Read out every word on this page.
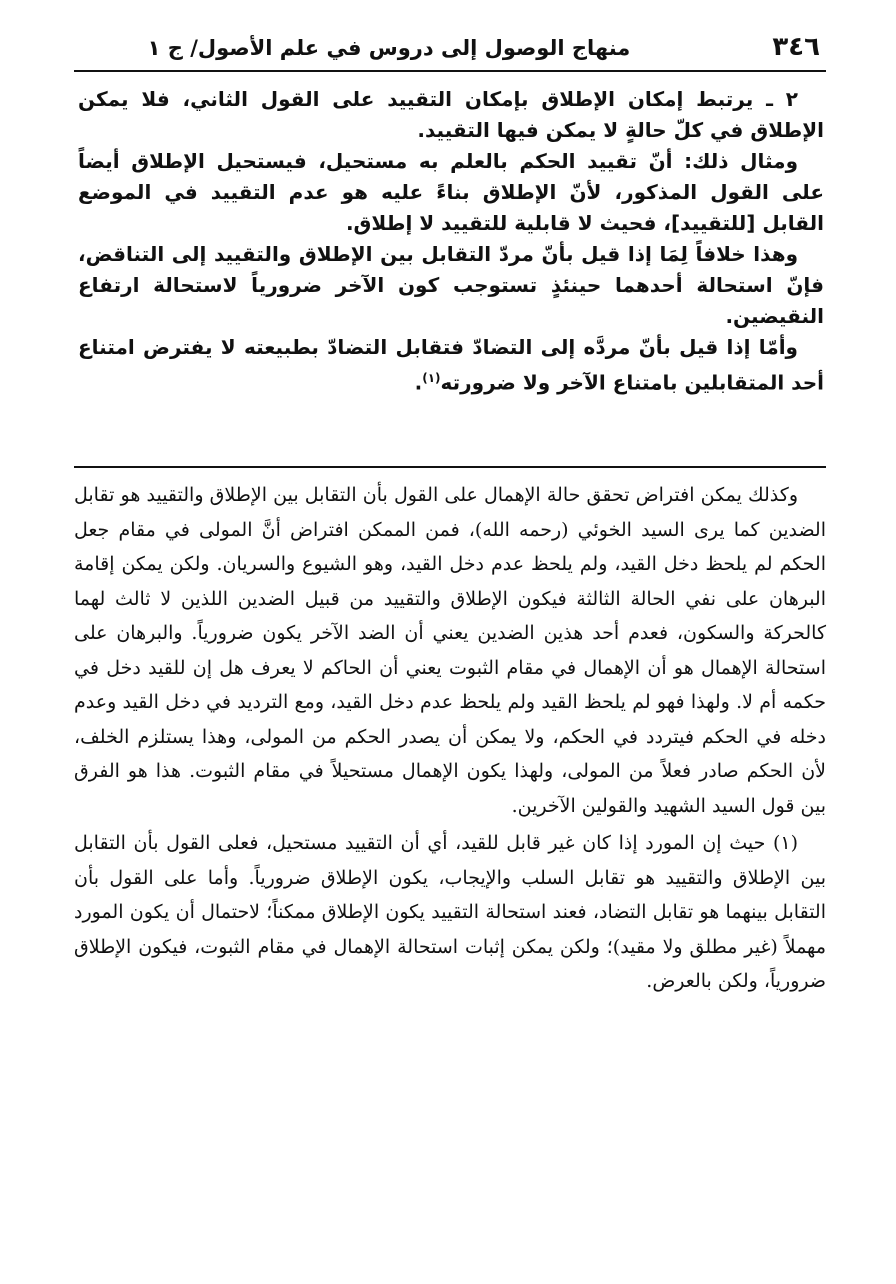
٣٤٦
منهاج الوصول إلى دروس في علم الأصول/ ج ١

٢ ـ يرتبط إمكان الإطلاق بإمكان التقييد على القول الثاني، فلا يمكن الإطلاق في كلّ حالةٍ لا يمكن فيها التقييد.

ومثال ذلك: أنّ تقييد الحكم بالعلم به مستحيل، فيستحيل الإطلاق أيضاً على القول المذكور، لأنّ الإطلاق بناءً عليه هو عدم التقييد في الموضع القابل [للتقييد]، فحيث لا قابلية للتقييد لا إطلاق.

وهذا خلافاً لِمَا إذا قيل بأنّ مردّ التقابل بين الإطلاق والتقييد إلى التناقض، فإنّ استحالة أحدهما حينئذٍ تستوجب كون الآخر ضرورياً لاستحالة ارتفاع النقيضين.

وأمّا إذا قيل بأنّ مردَّه إلى التضادّ فتقابل التضادّ بطبيعته لا يفترض امتناع أحد المتقابلين بامتناع الآخر ولا ضرورته$^{(١)}$.

وكذلك يمكن افتراض تحقق حالة الإهمال على القول بأن التقابل بين الإطلاق والتقييد هو تقابل الضدين كما يرى السيد الخوئي (رحمه الله)، فمن الممكن افتراض أنَّ المولى في مقام جعل الحكم لم يلحظ دخل القيد، ولم يلحظ عدم دخل القيد، وهو الشيوع والسريان. ولكن يمكن إقامة البرهان على نفي الحالة الثالثة فيكون الإطلاق والتقييد من قبيل الضدين اللذين لا ثالث لهما كالحركة والسكون، فعدم أحد هذين الضدين يعني أن الضد الآخر يكون ضرورياً. والبرهان على استحالة الإهمال هو أن الإهمال في مقام الثبوت يعني أن الحاكم لا يعرف هل إن للقيد دخل في حكمه أم لا. ولهذا فهو لم يلحظ القيد ولم يلحظ عدم دخل القيد، ومع الترديد في دخل القيد وعدم دخله في الحكم فيتردد في الحكم، ولا يمكن أن يصدر الحكم من المولى، وهذا يستلزم الخلف، لأن الحكم صادر فعلاً من المولى، ولهذا يكون الإهمال مستحيلاً في مقام الثبوت. هذا هو الفرق بين قول السيد الشهيد والقولين الآخرين.

(١) حيث إن المورد إذا كان غير قابل للقيد، أي أن التقييد مستحيل، فعلى القول بأن التقابل بين الإطلاق والتقييد هو تقابل السلب والإيجاب، يكون الإطلاق ضرورياً. وأما على القول بأن التقابل بينهما هو تقابل التضاد، فعند استحالة التقييد يكون الإطلاق ممكناً؛ لاحتمال أن يكون المورد مهملاً (غير مطلق ولا مقيد)؛ ولكن يمكن إثبات استحالة الإهمال في مقام الثبوت، فيكون الإطلاق ضرورياً، ولكن بالعرض.
